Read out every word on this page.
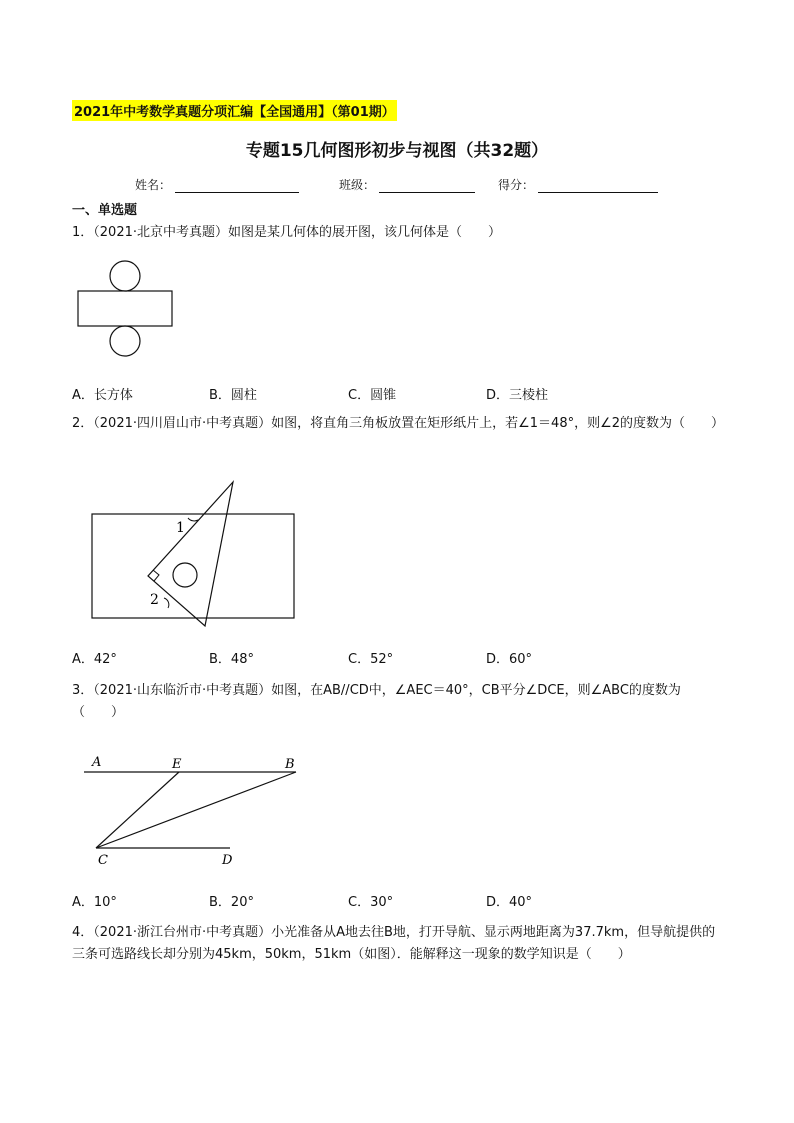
2021年中考数学真题分项汇编【全国通用】（第01期）
专题15几何图形初步与视图（共32题）
姓名：	班级：	得分：
一、单选题
1．（2021·北京中考真题）如图是某几何体的展开图，该几何体是（　　）
A．长方体	B．圆柱	C．圆锥	D．三棱柱
2．（2021·四川眉山市·中考真题）如图，将直角三角板放置在矩形纸片上，若∠1＝48°，则∠2的度数为（　　）
1
2
A．42°	B．48°	C．52°	D．60°
3．（2021·山东临沂市·中考真题）如图，在AB//CD中，∠AEC＝40°，CB平分∠DCE，则∠ABC的度数为（　　）
A	E	B
C	D
A．10°	B．20°	C．30°	D．40°
4．（2021·浙江台州市·中考真题）小光准备从A地去往B地，打开导航、显示两地距离为37.7km，但导航提供的三条可选路线长却分别为45km，50km，51km（如图）．能解释这一现象的数学知识是（　　）
